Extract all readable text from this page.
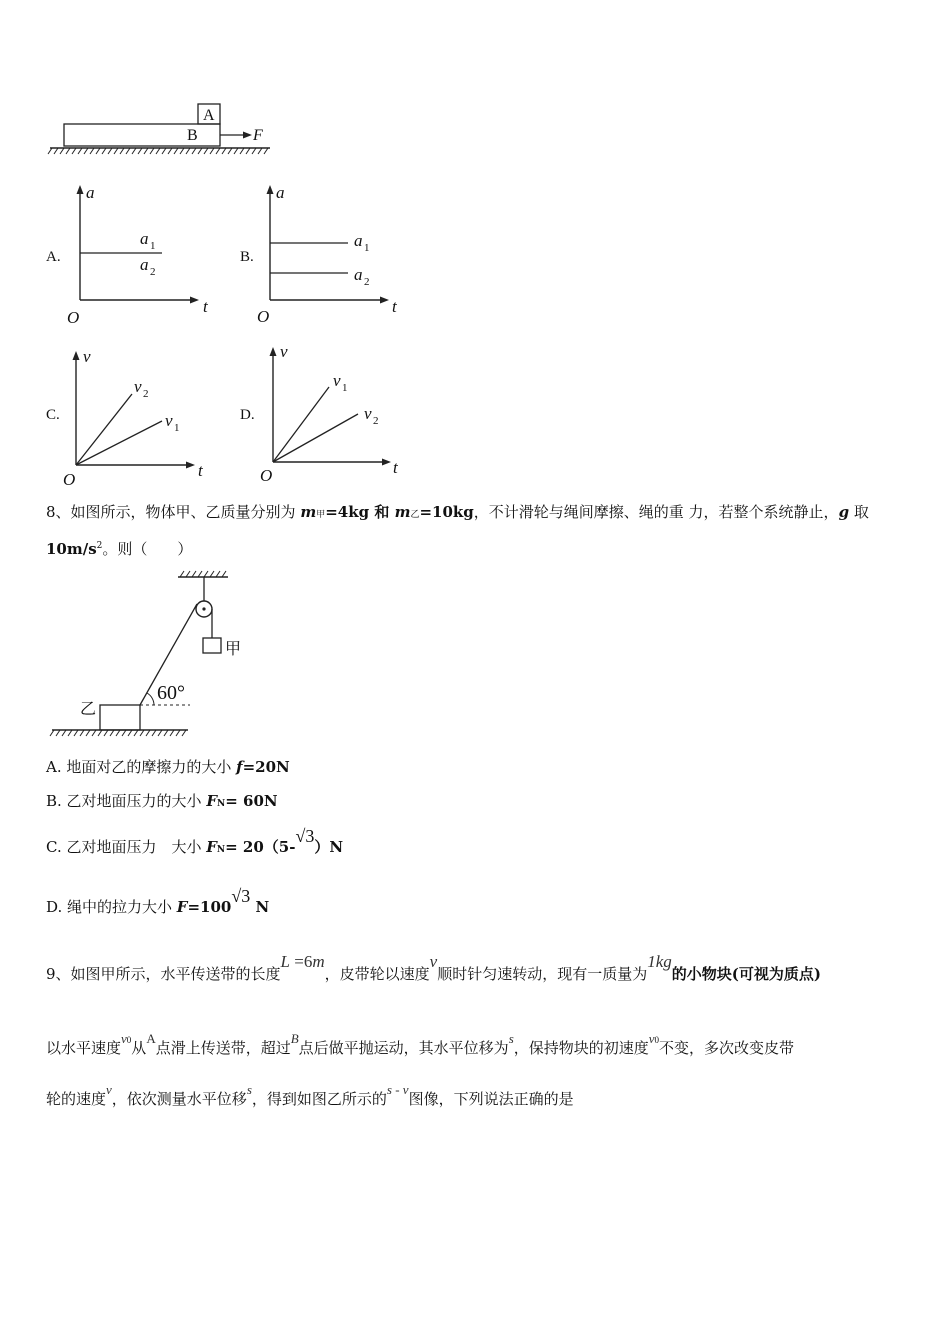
A
B	F
A.
a
t
O
a 1
a 2
B.
a
t
O
a 1
a 2
C.
v
t
O
v 2
v 1
D.
v
t
O
v 1
v 2
8、如图所示，物体甲、乙质量分别为 m甲=4kg 和 m乙=10kg，不计滑轮与绳间摩擦、绳的重 力，若整个系统静止，g 取
$10m/s^2$。则（　　）
甲
60°
乙
A. 地面对乙的摩擦力的大小 f=20N
B. 乙对地面压力的大小 FN= 60N
C. 乙对地面压力　大小 $F_N= 20(5-√3)N$
D. 绳中的拉力大小 F=100√3 N
9、如图甲所示，水平传送带的长度L =6m，皮带轮以速度v顺时针匀速转动，现有一质量为1kg的小物块(可视为质点)
以水平速度v0从A点滑上传送带，超过B点后做平抛运动，其水平位移为s，保持物块的初速度v0不变，多次改变皮带
轮的速度v，依次测量水平位移s，得到如图乙所示的s - v图像，下列说法正确的是
